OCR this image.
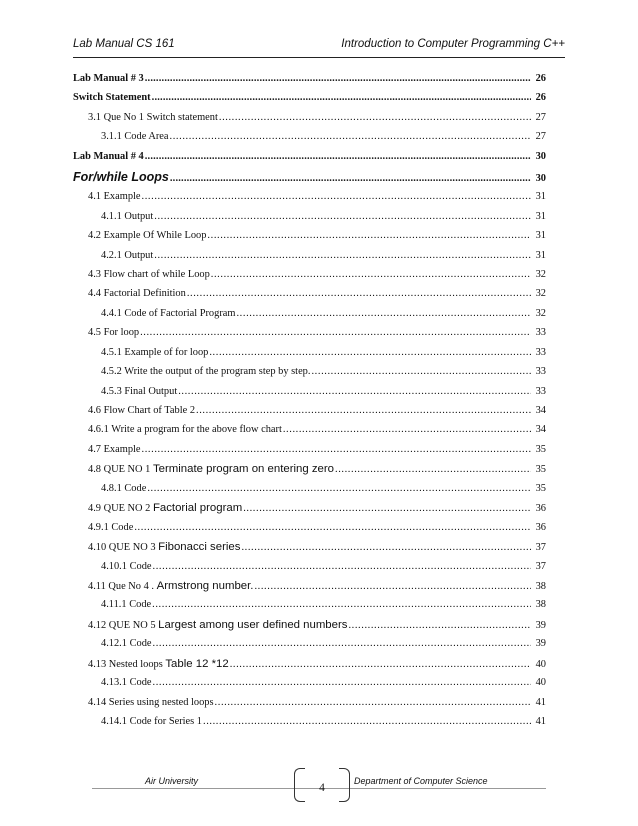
Lab Manual CS 161	Introduction to Computer Programming C++
Lab Manual # 3 .....	26
Switch Statement .....	26
3.1 Que No 1 Switch statement .....	27
3.1.1 Code Area .....	27
Lab Manual # 4 .....	30
For/while Loops .....	30
4.1 Example .....	31
4.1.1 Output .....	31
4.2 Example Of While Loop .....	31
4.2.1 Output .....	31
4.3 Flow chart of while Loop .....	32
4.4 Factorial Definition .....	32
4.4.1 Code of Factorial Program .....	32
4.5 For loop .....	33
4.5.1 Example of for loop .....	33
4.5.2 Write the output of the program step by step. .....	33
4.5.3 Final Output .....	33
4.6 Flow Chart of Table 2 .....	34
4.6.1 Write a program for the above flow chart .....	34
4.7 Example .....	35
4.8 QUE NO 1 Terminate program on entering zero .....	35
4.8.1 Code .....	35
4.9 QUE NO 2 Factorial program .....	36
4.9.1 Code .....	36
4.10 QUE NO 3 Fibonacci series .....	37
4.10.1 Code .....	37
4.11 Que No 4 . Armstrong number. .....	38
4.11.1 Code .....	38
4.12 QUE NO 5 Largest among user defined numbers .....	39
4.12.1 Code .....	39
4.13 Nested loops Table 12 *12 .....	40
4.13.1 Code .....	40
4.14 Series using nested loops .....	41
4.14.1 Code for Series 1 .....	41
Air University
4
Department of Computer Science
